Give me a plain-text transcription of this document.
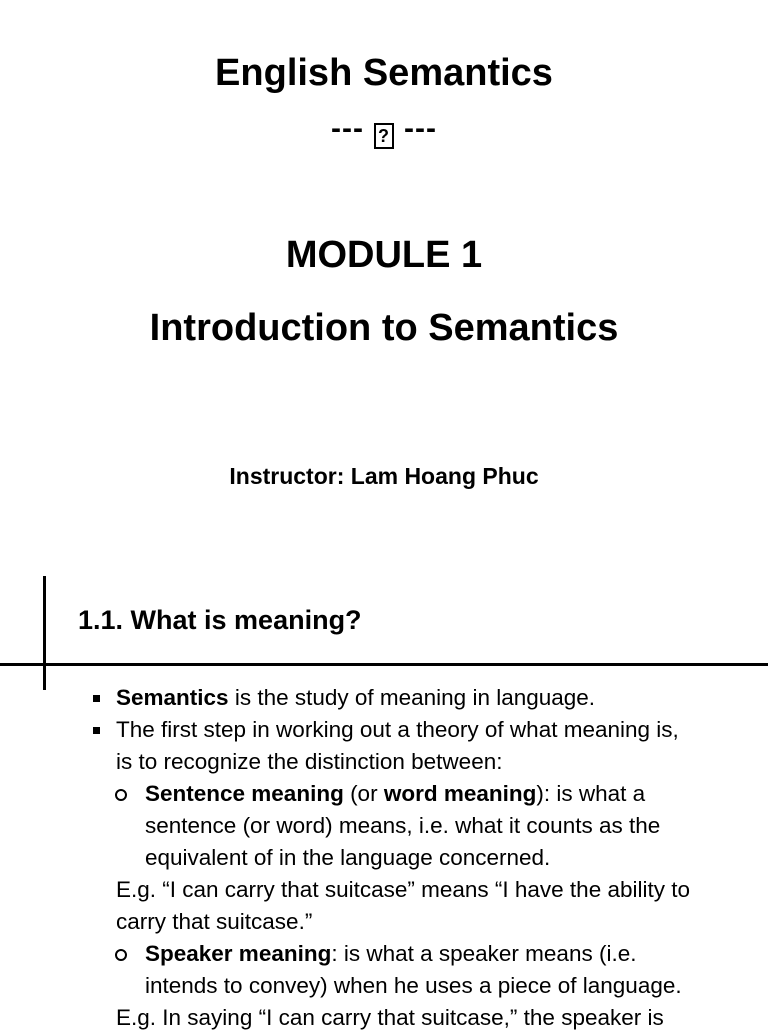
English Semantics
--- ? ---
MODULE 1
Introduction to Semantics
Instructor: Lam Hoang Phuc
1.1. What is meaning?
Semantics is the study of meaning in language.
The first step in working out a theory of what meaning is,
is to recognize the distinction between:
Sentence meaning (or word meaning): is what a
sentence (or word) means, i.e. what it counts as the
equivalent of in the language concerned.
E.g. “I can carry that suitcase” means “I have the ability to
carry that suitcase.”
Speaker meaning: is what a speaker means (i.e.
intends to convey) when he uses a piece of language.
E.g. In saying “I can carry that suitcase,” the speaker is
